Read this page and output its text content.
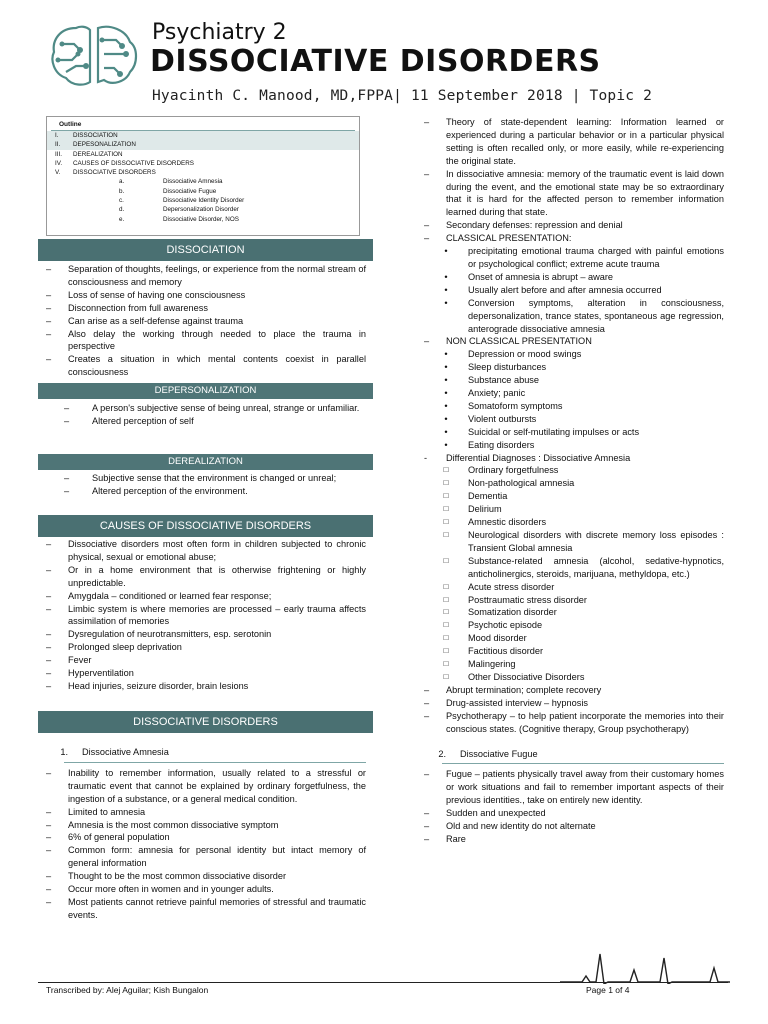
Psychiatry 2
DISSOCIATIVE DISORDERS
Hyacinth C. Manood, MD,FPPA| 11 September 2018 | Topic 2
Outline
I.	DISSOCIATION
II.	DEPESONALIZATION
III.	DEREALIZATION
IV.	CAUSES OF DISSOCIATIVE DISORDERS
V.	DISSOCIATIVE DISORDERS
a.	Dissociative Amnesia
b.	Dissociative Fugue
c.	Dissociative Identity Disorder
d.	Depersonalization Disorder
e.	Dissociative Disorder, NOS
DISSOCIATION
–	Separation of thoughts, feelings, or experience from the normal stream of consciousness and memory
–	Loss of sense of having one consciousness
–	Disconnection from full awareness
–	Can arise as a self-defense against trauma
–	Also delay the working through needed to place the trauma in perspective
–	Creates a situation in which mental contents coexist in parallel consciousness
DEPERSONALIZATION
–	A person's subjective sense of being unreal, strange or unfamiliar.
–	Altered perception of self
DEREALIZATION
–	Subjective sense that the environment is changed or unreal;
–	Altered perception of the environment.
CAUSES OF DISSOCIATIVE DISORDERS
–	Dissociative disorders most often form in children subjected to chronic physical, sexual or emotional abuse;
–	Or in a home environment that is otherwise frightening or highly unpredictable.
–	Amygdala – conditioned or learned fear response;
–	Limbic system is where memories are processed – early trauma affects assimilation of memories
–	Dysregulation of neurotransmitters, esp. serotonin
–	Prolonged sleep deprivation
–	Fever
–	Hyperventilation
–	Head injuries, seizure disorder, brain lesions
DISSOCIATIVE DISORDERS
1.	Dissociative Amnesia
–	Inability to remember information, usually related to a stressful or traumatic event that cannot be explained by ordinary forgetfulness, the ingestion of a substance, or a general medical condition.
–	Limited to amnesia
–	Amnesia is the most common dissociative symptom
–	6% of general population
–	Common form: amnesia for personal identity but intact memory of general information
–	Thought to be the most common dissociative disorder
–	Occur more often in women and in younger adults.
–	Most patients cannot retrieve painful memories of stressful and traumatic events.
–	Theory of state-dependent learning: Information learned or experienced during a particular behavior or in a particular physical setting is often recalled only, or more easily, while re-experiencing the original state.
–	In dissociative amnesia: memory of the traumatic event is laid down during the event, and the emotional state may be so extraordinary that it is hard for the affected person to remember information learned during that state.
–	Secondary defenses: repression and denial
–	CLASSICAL PRESENTATION:
•	precipitating emotional trauma charged with painful emotions or psychological conflict; extreme acute trauma
•	Onset of amnesia is abrupt – aware
•	Usually alert before and after amnesia occurred
•	Conversion symptoms, alteration in consciousness, depersonalization, trance states, spontaneous age regression, anterograde dissociative amnesia
–	NON CLASSICAL PRESENTATION
•	Depression or mood swings
•	Sleep disturbances
•	Substance abuse
•	Anxiety; panic
•	Somatoform symptoms
•	Violent outbursts
•	Suicidal or self-mutilating impulses or acts
•	Eating disorders
-	Differential Diagnoses : Dissociative Amnesia
□	Ordinary forgetfulness
□	Non-pathological amnesia
□	Dementia
□	Delirium
□	Amnestic disorders
□	Neurological disorders with discrete memory loss episodes : Transient Global amnesia
□	Substance-related amnesia (alcohol, sedative-hypnotics, anticholinergics, steroids, marijuana, methyldopa, etc.)
□	Acute stress disorder
□	Posttraumatic stress disorder
□	Somatization disorder
□	Psychotic episode
□	Mood disorder
□	Factitious disorder
□	Malingering
□	Other Dissociative Disorders
–	Abrupt termination; complete recovery
–	Drug-assisted interview – hypnosis
–	Psychotherapy – to help patient incorporate the memories into their conscious states. (Cognitive therapy, Group psychotherapy)
2.	Dissociative Fugue
–	Fugue – patients physically travel away from their customary homes or work situations and fail to remember important aspects of their previous identities., take on entirely new identity.
–	Sudden and unexpected
–	Old and new identity do not alternate
–	Rare
Transcribed by: Alej Aguilar; Kish Bungalon	Page 1 of 4
